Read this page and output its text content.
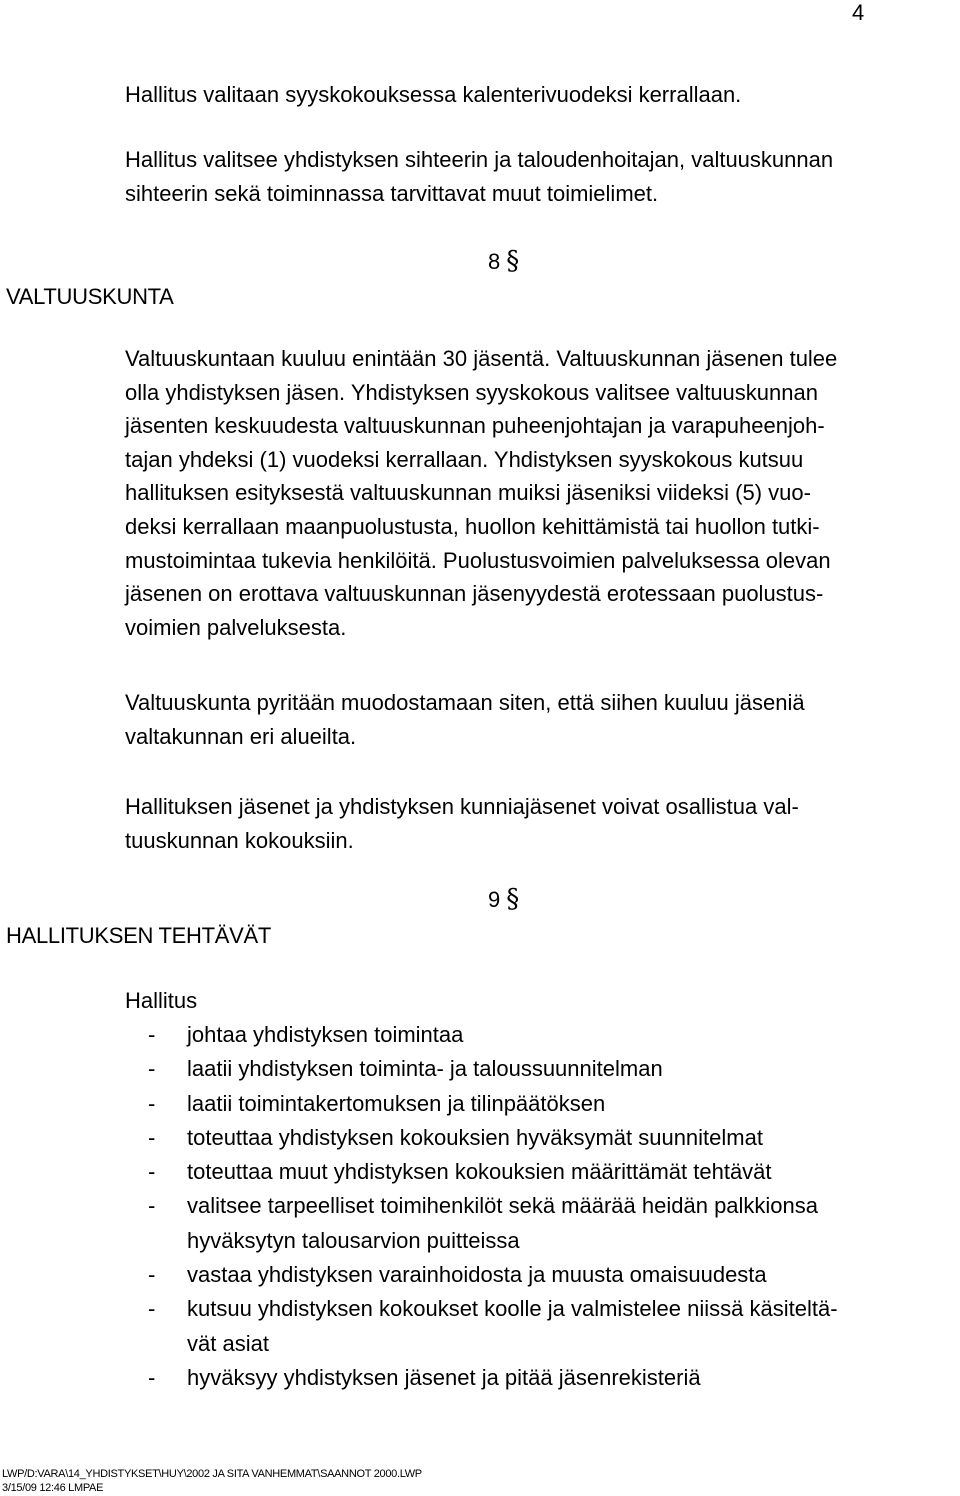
4
Hallitus valitaan syyskokouksessa kalenterivuodeksi kerrallaan.
Hallitus valitsee yhdistyksen sihteerin ja taloudenhoitajan, valtuuskunnan
sihteerin sekä toiminnassa tarvittavat muut toimielimet.
8 §
VALTUUSKUNTA
Valtuuskuntaan kuuluu enintään 30 jäsentä. Valtuuskunnan jäsenen tulee
olla yhdistyksen jäsen. Yhdistyksen syyskokous valitsee valtuuskunnan
jäsenten keskuudesta valtuuskunnan puheenjohtajan ja varapuheenjoh-
tajan yhdeksi (1) vuodeksi kerrallaan. Yhdistyksen syyskokous kutsuu
hallituksen esityksestä valtuuskunnan muiksi jäseniksi viideksi (5) vuo-
deksi kerrallaan maanpuolustusta, huollon kehittämistä tai huollon tutki-
mustoimintaa tukevia henkilöitä. Puolustusvoimien palveluksessa olevan
jäsenen on erottava valtuuskunnan jäsenyydestä erotessaan puolustus-
voimien palveluksesta.
Valtuuskunta pyritään muodostamaan siten, että siihen kuuluu jäseniä
valtakunnan eri alueilta.
Hallituksen jäsenet ja yhdistyksen kunniajäsenet voivat osallistua val-
tuuskunnan kokouksiin.
9 §
HALLITUKSEN TEHTÄVÄT
Hallitus
-	johtaa yhdistyksen toimintaa
-	laatii yhdistyksen toiminta- ja taloussuunnitelman
-	laatii toimintakertomuksen ja tilinpäätöksen
-	toteuttaa yhdistyksen kokouksien hyväksymät suunnitelmat
-	toteuttaa muut yhdistyksen kokouksien määrittämät tehtävät
-	valitsee tarpeelliset toimihenkilöt sekä määrää heidän palkkionsa
hyväksytyn talousarvion puitteissa
-	vastaa yhdistyksen varainhoidosta ja muusta omaisuudesta
-	kutsuu yhdistyksen kokoukset koolle ja valmistelee niissä käsiteltä-
vät asiat
-	hyväksyy yhdistyksen jäsenet ja pitää jäsenrekisteriä
LWP/D:VARA\14_YHDISTYKSET\HUY\2002 JA SITA VANHEMMAT\SAANNOT 2000.LWP
3/15/09 12:46 LMPAE
